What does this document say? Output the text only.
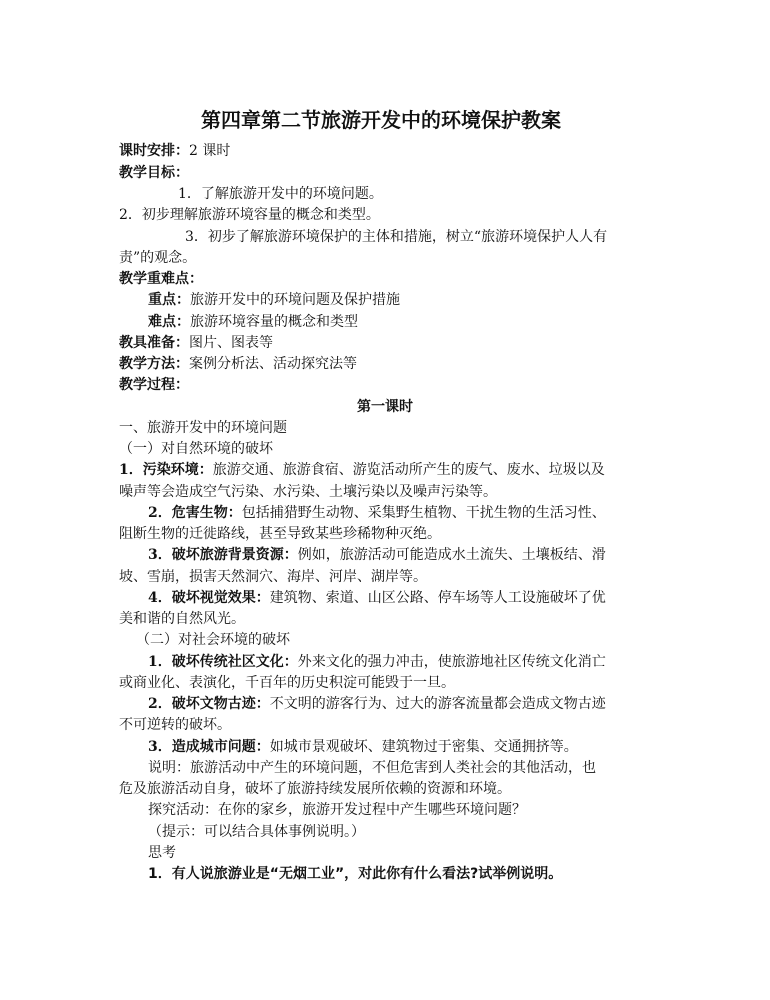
第四章第二节旅游开发中的环境保护教案
课时安排：2 课时
教学目标：
1．了解旅游开发中的环境问题。
2．初步理解旅游环境容量的概念和类型。
3．初步了解旅游环境保护的主体和措施，树立“旅游环境保护人人有
责”的观念。
教学重难点：
重点：旅游开发中的环境问题及保护措施
难点：旅游环境容量的概念和类型
教具准备：图片、图表等
教学方法：案例分析法、活动探究法等
教学过程：
第一课时
一、旅游开发中的环境问题
（一）对自然环境的破坏
1．污染环境：旅游交通、旅游食宿、游览活动所产生的废气、废水、垃圾以及
噪声等会造成空气污染、水污染、土壤污染以及噪声污染等。
2．危害生物：包括捕猎野生动物、采集野生植物、干扰生物的生活习性、
阻断生物的迁徙路线，甚至导致某些珍稀物种灭绝。
3．破坏旅游背景资源：例如，旅游活动可能造成水土流失、土壤板结、滑
坡、雪崩，损害天然洞穴、海岸、河岸、湖岸等。
4．破坏视觉效果：建筑物、索道、山区公路、停车场等人工设施破坏了优
美和谐的自然风光。
（二）对社会环境的破坏
1．破坏传统社区文化：外来文化的强力冲击，使旅游地社区传统文化消亡
或商业化、表演化，千百年的历史积淀可能毁于一旦。
2．破坏文物古迹：不文明的游客行为、过大的游客流量都会造成文物古迹
不可逆转的破坏。
3．造成城市问题：如城市景观破坏、建筑物过于密集、交通拥挤等。
说明：旅游活动中产生的环境问题，不但危害到人类社会的其他活动，也
危及旅游活动自身，破坏了旅游持续发展所依赖的资源和环境。
探究活动：在你的家乡，旅游开发过程中产生哪些环境问题？
（提示：可以结合具体事例说明。）
思考
1．有人说旅游业是“无烟工业”，对此你有什么看法?试举例说明。
